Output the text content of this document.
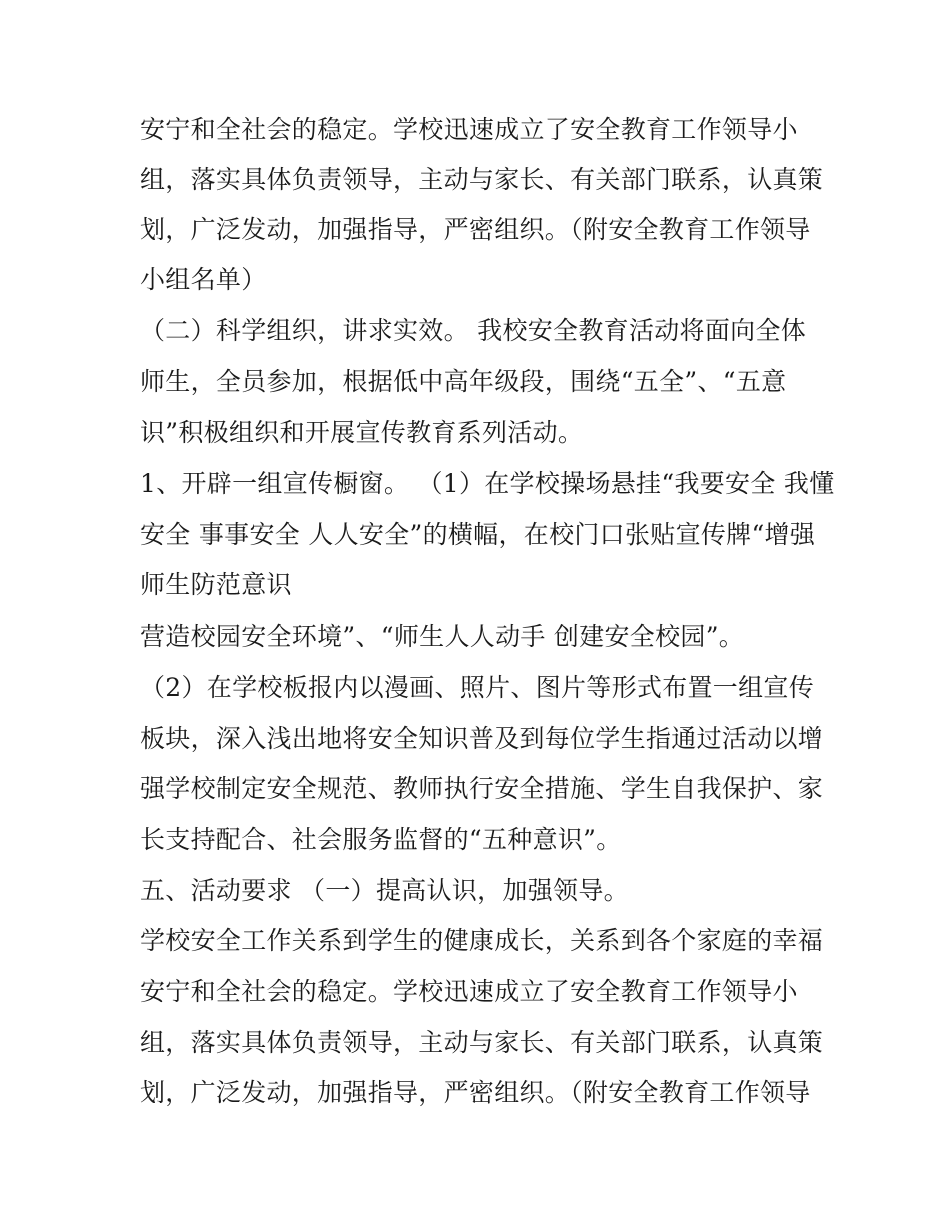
安宁和全社会的稳定。学校迅速成立了安全教育工作领导小
组，落实具体负责领导，主动与家长、有关部门联系，认真策
划，广泛发动，加强指导，严密组织。（附安全教育工作领导
小组名单）
（二）科学组织，讲求实效。 我校安全教育活动将面向全体
师生，全员参加，根据低中高年级段，围绕“五全”、“五意
识”积极组织和开展宣传教育系列活动。
1、开辟一组宣传橱窗。 （1）在学校操场悬挂“我要安全 我懂
安全 事事安全 人人安全”的横幅，在校门口张贴宣传牌“增强
师生防范意识
营造校园安全环境”、“师生人人动手 创建安全校园”。
（2）在学校板报内以漫画、照片、图片等形式布置一组宣传
板块，深入浅出地将安全知识普及到每位学生指通过活动以增
强学校制定安全规范、教师执行安全措施、学生自我保护、家
长支持配合、社会服务监督的“五种意识”。
五、活动要求 （一）提高认识，加强领导。
学校安全工作关系到学生的健康成长，关系到各个家庭的幸福
安宁和全社会的稳定。学校迅速成立了安全教育工作领导小
组，落实具体负责领导，主动与家长、有关部门联系，认真策
划，广泛发动，加强指导，严密组织。（附安全教育工作领导
